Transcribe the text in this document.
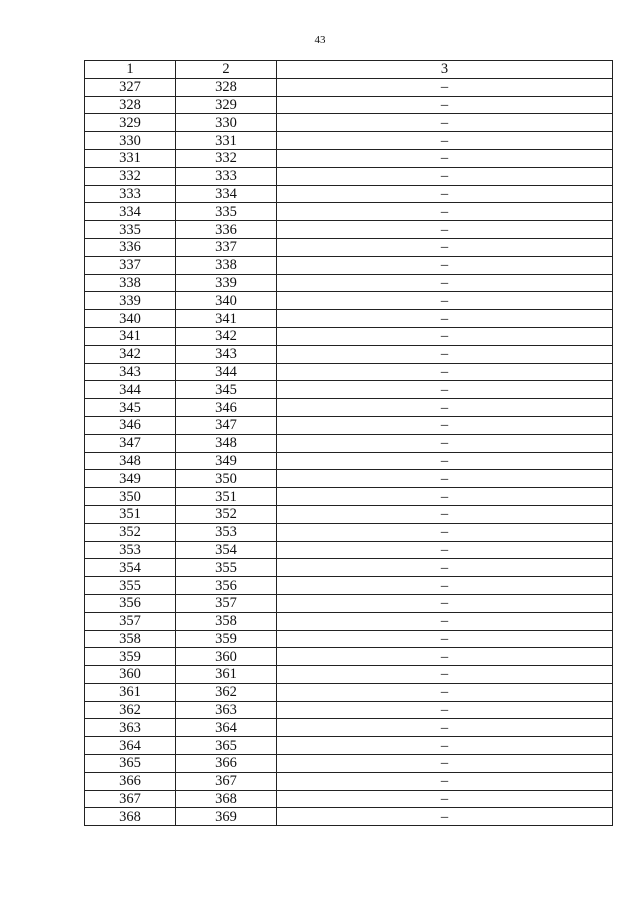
43
1	2	3
327	328	–
328	329	–
329	330	–
330	331	–
331	332	–
332	333	–
333	334	–
334	335	–
335	336	–
336	337	–
337	338	–
338	339	–
339	340	–
340	341	–
341	342	–
342	343	–
343	344	–
344	345	–
345	346	–
346	347	–
347	348	–
348	349	–
349	350	–
350	351	–
351	352	–
352	353	–
353	354	–
354	355	–
355	356	–
356	357	–
357	358	–
358	359	–
359	360	–
360	361	–
361	362	–
362	363	–
363	364	–
364	365	–
365	366	–
366	367	–
367	368	–
368	369	–
